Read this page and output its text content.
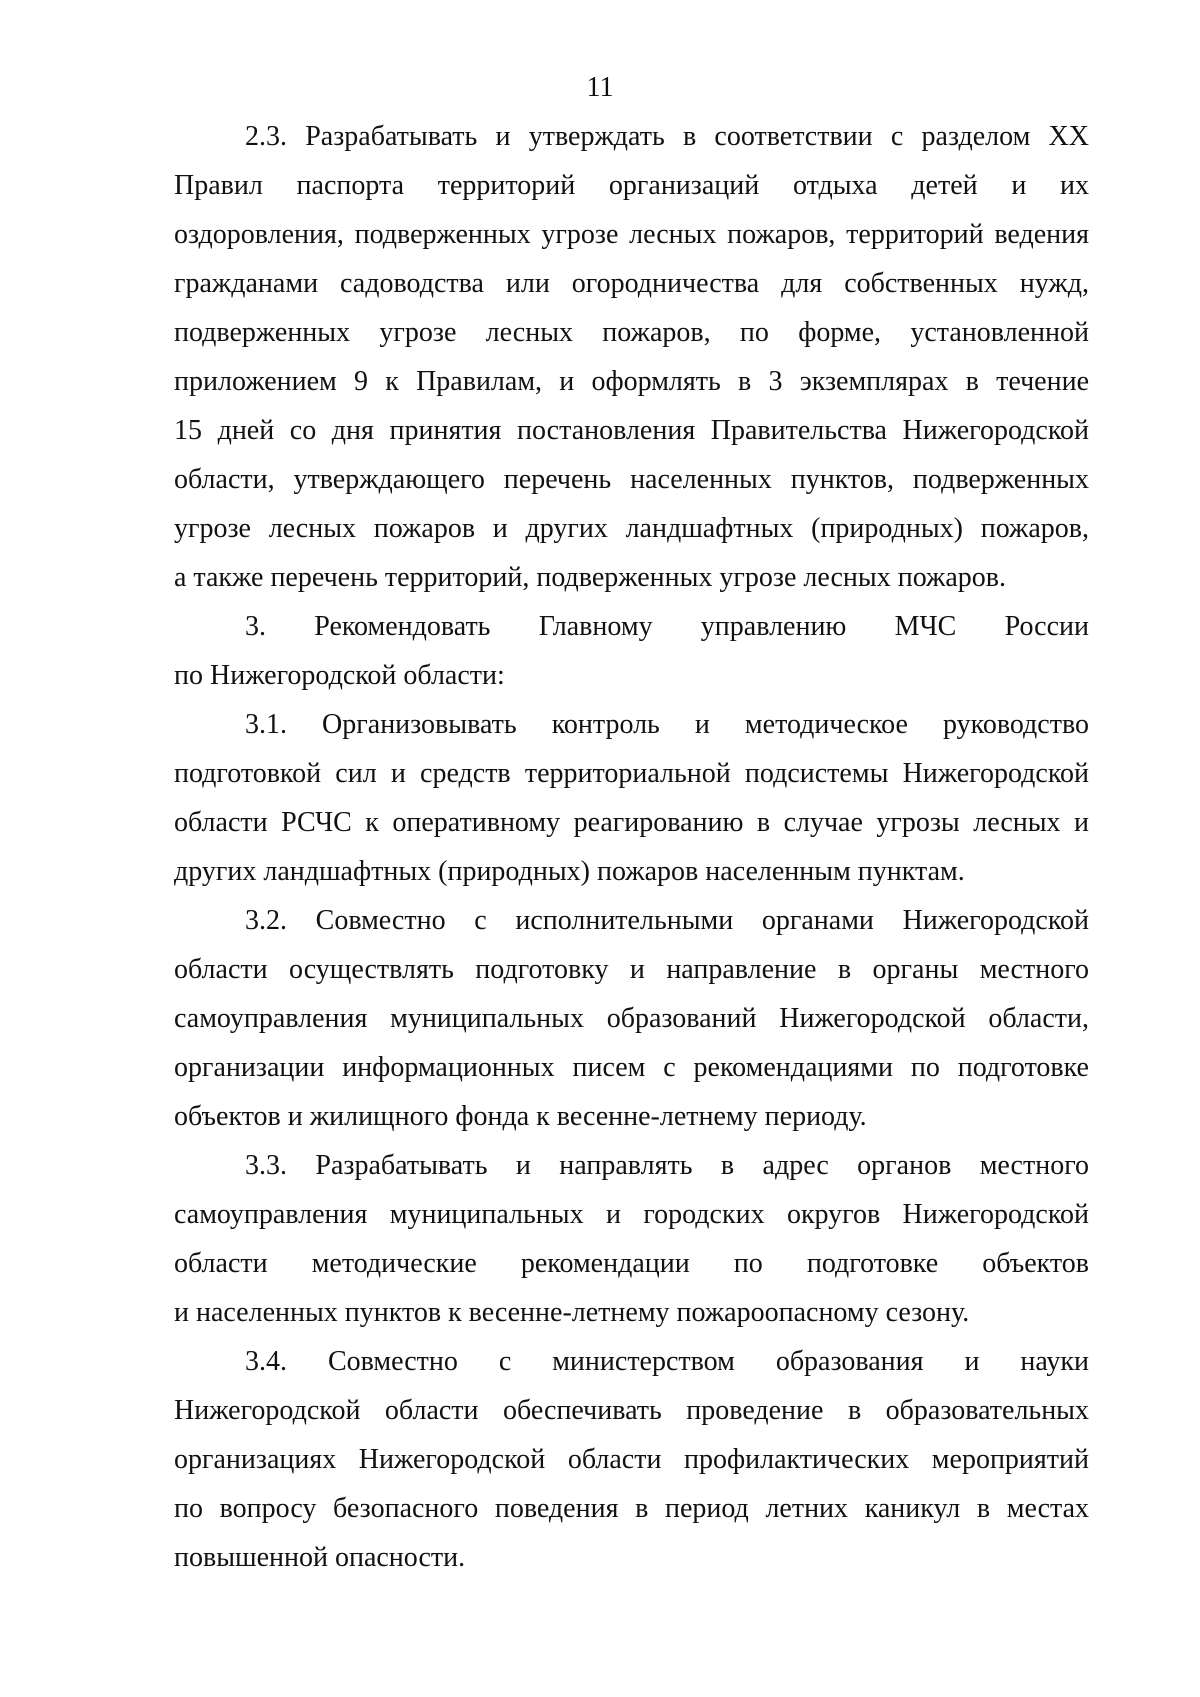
11
2.3. Разрабатывать и утверждать в соответствии с разделом XX
Правил паспорта территорий организаций отдыха детей и их
оздоровления, подверженных угрозе лесных пожаров, территорий ведения
гражданами садоводства или огородничества для собственных нужд,
подверженных угрозе лесных пожаров, по форме, установленной
приложением 9 к Правилам, и оформлять в 3 экземплярах в течение
15 дней со дня принятия постановления Правительства Нижегородской
области, утверждающего перечень населенных пунктов, подверженных
угрозе лесных пожаров и других ландшафтных (природных) пожаров,
а также перечень территорий, подверженных угрозе лесных пожаров.
3. Рекомендовать Главному управлению МЧС России
по Нижегородской области:
3.1. Организовывать контроль и методическое руководство
подготовкой сил и средств территориальной подсистемы Нижегородской
области РСЧС к оперативному реагированию в случае угрозы лесных и
других ландшафтных (природных) пожаров населенным пунктам.
3.2. Совместно с исполнительными органами Нижегородской
области осуществлять подготовку и направление в органы местного
самоуправления муниципальных образований Нижегородской области,
организации информационных писем с рекомендациями по подготовке
объектов и жилищного фонда к весенне-летнему периоду.
3.3. Разрабатывать и направлять в адрес органов местного
самоуправления муниципальных и городских округов Нижегородской
области методические рекомендации по подготовке объектов
и населенных пунктов к весенне-летнему пожароопасному сезону.
3.4. Совместно с министерством образования и науки
Нижегородской области обеспечивать проведение в образовательных
организациях Нижегородской области профилактических мероприятий
по вопросу безопасного поведения в период летних каникул в местах
повышенной опасности.
